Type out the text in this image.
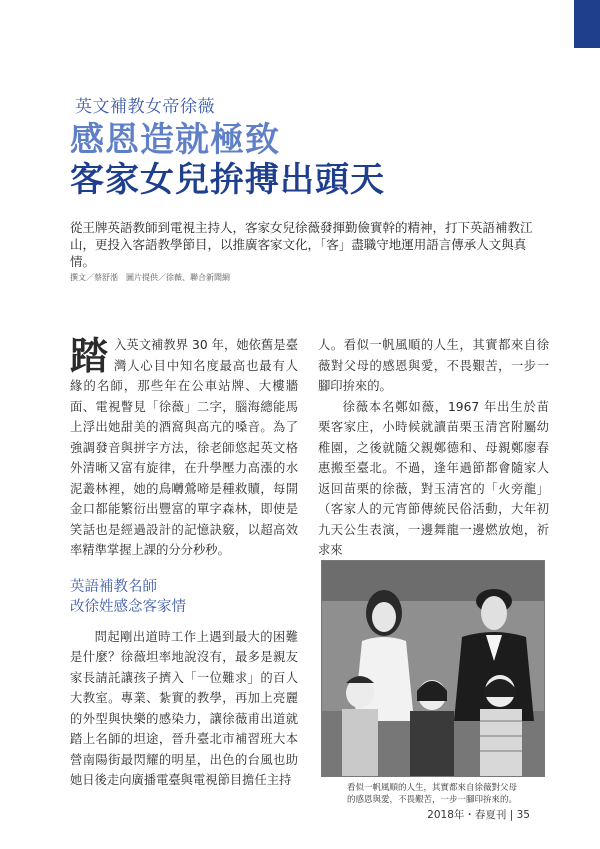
英文補教女帝徐薇
感恩造就極致
客家女兒拚搏出頭天
從王牌英語教師到電視主持人，客家女兒徐薇發揮勤儉實幹的精神，打下英語補教江山，更投入客語教學節目，以推廣客家文化，「客」盡職守地運用語言傳承人文與真情。
撰文／蔡舒湉　圖片提供／徐薇、聯合新聞網

踏入英文補教界 30 年，她依舊是臺灣人心目中知名度最高也最有人緣的名師，那些年在公車站牌、大樓牆面、電視瞥見「徐薇」二字，腦海總能馬上浮出她甜美的酒窩與高亢的嗓音。為了強調發音與拼字方法，徐老師悠起英文格外清晰又富有旋律，在升學壓力高漲的水泥叢林裡，她的鳥囀鶯啼是種救贖，每開金口都能繁衍出豐富的單字森林，即使是笑話也是經過設計的記憶訣竅，以超高效率精準掌握上課的分分秒秒。

英語補教名師
改徐姓感念客家情

問起剛出道時工作上遇到最大的困難是什麼？徐薇坦率地說沒有，最多是親友家長請託讓孩子擠入「一位難求」的百人大教室。專業、紮實的教學，再加上亮麗的外型與快樂的感染力，讓徐薇甫出道就踏上名師的坦途，晉升臺北市補習班大本營南陽街最閃耀的明星，出色的台風也助她日後走向廣播電臺與電視節目擔任主持

人。看似一帆風順的人生，其實都來自徐薇對父母的感恩與愛，不畏艱苦，一步一腳印拚來的。

徐薇本名鄭如薇，1967 年出生於苗栗客家庄，小時候就讀苗栗玉清宮附屬幼稚園，之後就隨父親鄭德和、母親鄭廖春惠搬至臺北。不過，逢年過節都會隨家人返回苗栗的徐薇，對玉清宮的「火旁龍」（客家人的元宵節傳統民俗活動，大年初九天公生表演，一邊舞龍一邊燃放炮，祈求來

看似一帆風順的人生，其實都來自徐薇對父母
的感恩與愛，不畏艱苦，一步一腳印拚來的。
2018年・春夏刊 | 35
